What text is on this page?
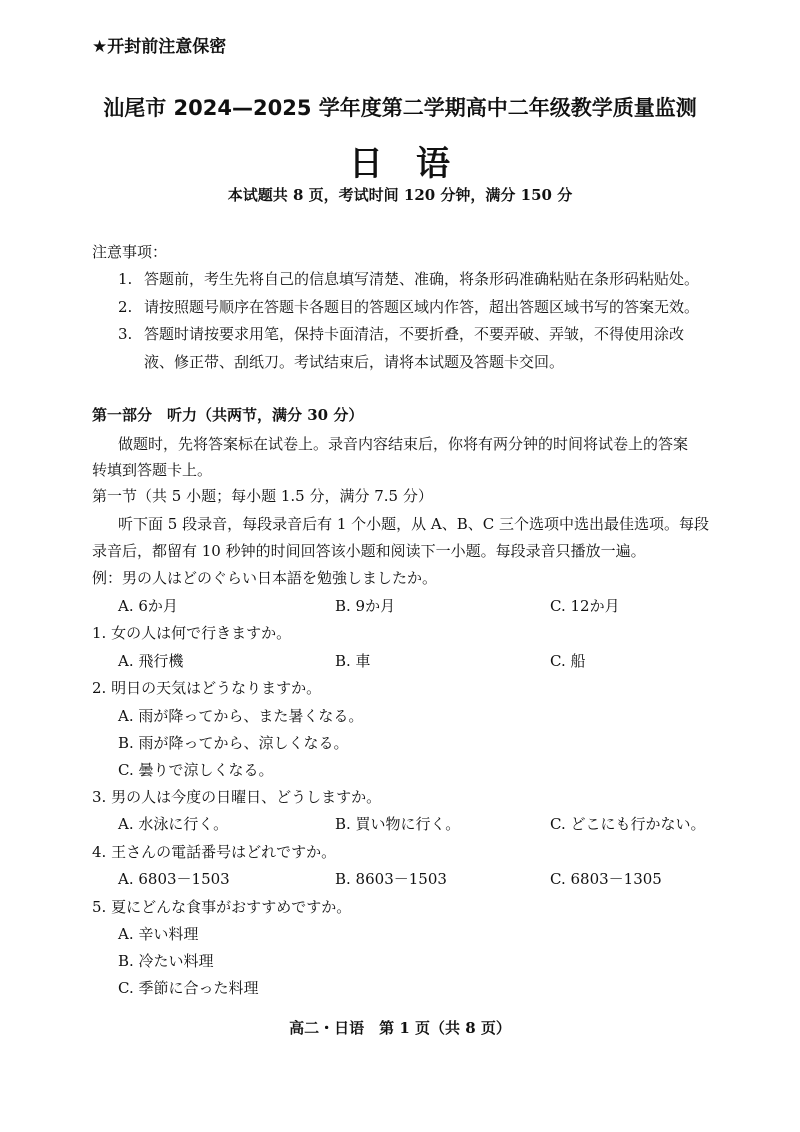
★开封前注意保密
汕尾市 2024—2025 学年度第二学期高中二年级教学质量监测
日 语
本试题共 8 页，考试时间 120 分钟，满分 150 分
注意事项：
1. 答题前，考生先将自己的信息填写清楚、准确，将条形码准确粘贴在条形码粘贴处。
2. 请按照题号顺序在答题卡各题目的答题区域内作答，超出答题区域书写的答案无效。
3. 答题时请按要求用笔，保持卡面清洁，不要折叠，不要弄破、弄皱，不得使用涂改
液、修正带、刮纸刀。考试结束后，请将本试题及答题卡交回。
第一部分　听力（共两节，满分 30 分）
做题时，先将答案标在试卷上。录音内容结束后，你将有两分钟的时间将试卷上的答案
转填到答题卡上。
第一节（共 5 小题；每小题 1.5 分，满分 7.5 分）
听下面 5 段录音，每段录音后有 1 个小题，从 A、B、C 三个选项中选出最佳选项。每段
录音后，都留有 10 秒钟的时间回答该小题和阅读下一小题。每段录音只播放一遍。
例：男の人はどのぐらい日本語を勉強しましたか。
A. 6か月	B. 9か月	C. 12か月
1. 女の人は何で行きますか。
A. 飛行機	B. 車	C. 船
2. 明日の天気はどうなりますか。
A. 雨が降ってから、また暑くなる。
B. 雨が降ってから、涼しくなる。
C. 曇りで涼しくなる。
3. 男の人は今度の日曜日、どうしますか。
A. 水泳に行く。	B. 買い物に行く。	C. どこにも行かない。
4. 王さんの電話番号はどれですか。
A. 6803－1503	B. 8603－1503	C. 6803－1305
5. 夏にどんな食事がおすすめですか。
A. 辛い料理
B. 冷たい料理
C. 季節に合った料理
高二・日语　第 1 页（共 8 页）
